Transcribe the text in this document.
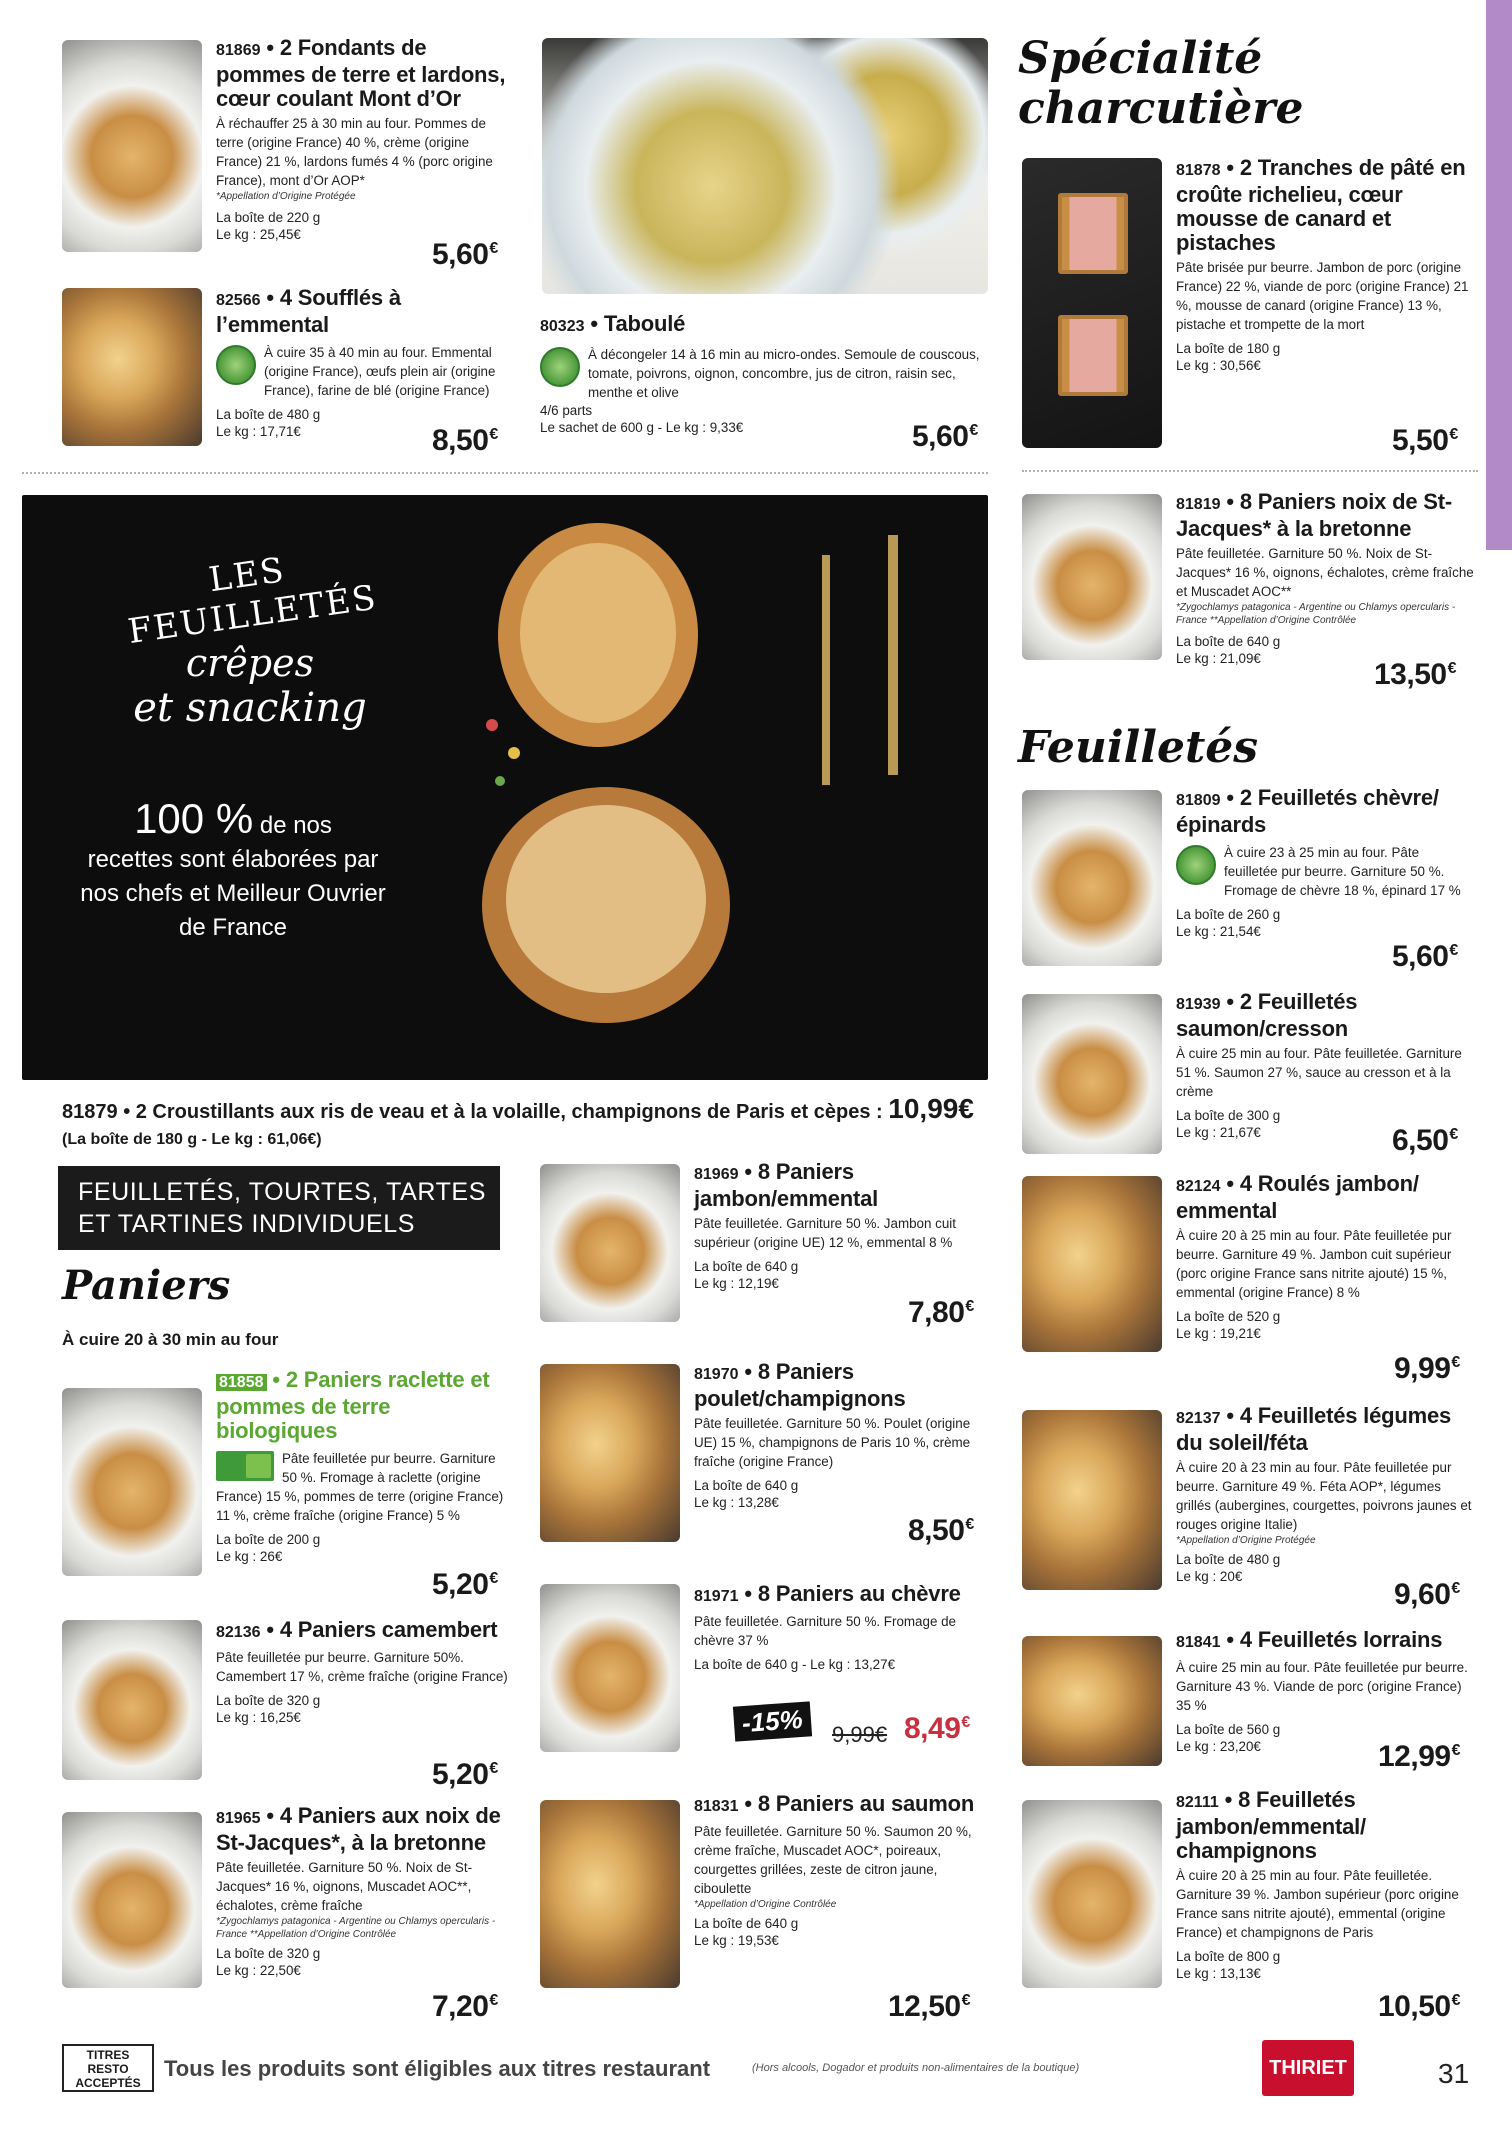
81869 • 2 Fondants de pommes de terre et lardons, cœur coulant Mont d’Or
À réchauffer 25 à 30 min au four. Pommes de terre (origine France) 40 %, crème (origine France) 21 %, lardons fumés 4 % (porc origine France), mont d’Or AOP*
*Appellation d’Origine Protégée
La boîte de 220 g
Le kg : 25,45€
5,60€
82566 • 4 Soufflés à l’emmental
À cuire 35 à 40 min au four. Emmental (origine France), œufs plein air (origine France), farine de blé (origine France)
La boîte de 480 g
Le kg : 17,71€	8,50€
80323 • Taboulé
À décongeler 14 à 16 min au micro-ondes. Semoule de couscous, tomate, poivrons, oignon, concombre, jus de citron, raisin sec, menthe et olive
4/6 parts
Le sachet de 600 g - Le kg : 9,33€	5,60€
LES FEUILLETÉS
crêpes
et snacking
100 % de nos
recettes sont élaborées par nos chefs et Meilleur Ouvrier de France
81879 • 2 Croustillants aux ris de veau et à la volaille, champignons de Paris et cèpes : 10,99€ (La boîte de 180 g - Le kg : 61,06€)
FEUILLETÉS, TOURTES, TARTES ET TARTINES INDIVIDUELS
Paniers
À cuire 20 à 30 min au four
81858 • 2 Paniers raclette et pommes de terre biologiques
Pâte feuilletée pur beurre. Garniture 50 %. Fromage à raclette (origine France) 15 %, pommes de terre (origine France) 11 %, crème fraîche (origine France) 5 %
La boîte de 200 g
Le kg : 26€
5,20€
82136 • 4 Paniers camembert
Pâte feuilletée pur beurre. Garniture 50%. Camembert 17 %, crème fraîche (origine France)
La boîte de 320 g
Le kg : 16,25€
5,20€
81965 • 4 Paniers aux noix de St-Jacques*, à la bretonne
Pâte feuilletée. Garniture 50 %. Noix de St-Jacques* 16 %, oignons, Muscadet AOC**, échalotes, crème fraîche
*Zygochlamys patagonica - Argentine ou Chlamys opercularis - France **Appellation d’Origine Contrôlée
La boîte de 320 g
Le kg : 22,50€
7,20€
81969 • 8 Paniers jambon/emmental
Pâte feuilletée. Garniture 50 %. Jambon cuit supérieur (origine UE) 12 %, emmental 8 %
La boîte de 640 g
Le kg : 12,19€
7,80€
81970 • 8 Paniers poulet/champignons
Pâte feuilletée. Garniture 50 %. Poulet (origine UE) 15 %, champignons de Paris 10 %, crème fraîche (origine France)
La boîte de 640 g
Le kg : 13,28€
8,50€
81971 • 8 Paniers au chèvre
Pâte feuilletée. Garniture 50 %. Fromage de chèvre 37 %
La boîte de 640 g - Le kg : 13,27€
-15%	9,99€ 8,49€
81831 • 8 Paniers au saumon
Pâte feuilletée. Garniture 50 %. Saumon 20 %, crème fraîche, Muscadet AOC*, poireaux, courgettes grillées, zeste de citron jaune, ciboulette
*Appellation d’Origine Contrôlée
La boîte de 640 g
Le kg : 19,53€
12,50€
Spécialité charcutière
81878 • 2 Tranches de pâté en croûte richelieu, cœur mousse de canard et pistaches
Pâte brisée pur beurre. Jambon de porc (origine France) 22 %, viande de porc (origine France) 21 %, mousse de canard (origine France) 13 %, pistache et trompette de la mort
La boîte de 180 g
Le kg : 30,56€
5,50€
81819 • 8 Paniers noix de St-Jacques* à la bretonne
Pâte feuilletée. Garniture 50 %. Noix de St-Jacques* 16 %, oignons, échalotes, crème fraîche et Muscadet AOC**
*Zygochlamys patagonica - Argentine ou Chlamys opercularis - France **Appellation d’Origine Contrôlée
La boîte de 640 g
Le kg : 21,09€	13,50€
Feuilletés
81809 • 2 Feuilletés chèvre/épinards
À cuire 23 à 25 min au four. Pâte feuilletée pur beurre. Garniture 50 %. Fromage de chèvre 18 %, épinard 17 %
La boîte de 260 g
Le kg : 21,54€
5,60€
81939 • 2 Feuilletés saumon/cresson
À cuire 25 min au four. Pâte feuilletée. Garniture 51 %. Saumon 27 %, sauce au cresson et à la crème
La boîte de 300 g
Le kg : 21,67€	6,50€
82124 • 4 Roulés jambon/ emmental
À cuire 20 à 25 min au four. Pâte feuilletée pur beurre. Garniture 49 %. Jambon cuit supérieur (porc origine France sans nitrite ajouté) 15 %, emmental (origine France) 8 %
La boîte de 520 g
Le kg : 19,21€
9,99€
82137 • 4 Feuilletés légumes du soleil/féta
À cuire 20 à 23 min au four. Pâte feuilletée pur beurre. Garniture 49 %. Féta AOP*, légumes grillés (aubergines, courgettes, poivrons jaunes et rouges origine Italie)
*Appellation d’Origine Protégée
La boîte de 480 g
Le kg : 20€
9,60€
81841 • 4 Feuilletés lorrains
À cuire 25 min au four. Pâte feuilletée pur beurre. Garniture 43 %. Viande de porc (origine France) 35 %
La boîte de 560 g
Le kg : 23,20€	12,99€
82111 • 8 Feuilletés jambon/emmental/ champignons
À cuire 20 à 25 min au four. Pâte feuilletée. Garniture 39 %. Jambon supérieur (porc origine France sans nitrite ajouté), emmental (origine France) et champignons de Paris
La boîte de 800 g
Le kg : 13,13€
10,50€
TITRES RESTO ACCEPTÉS
Tous les produits sont éligibles aux titres restaurant	(Hors alcools, Dogador et produits non-alimentaires de la boutique)	THIRIET	31
